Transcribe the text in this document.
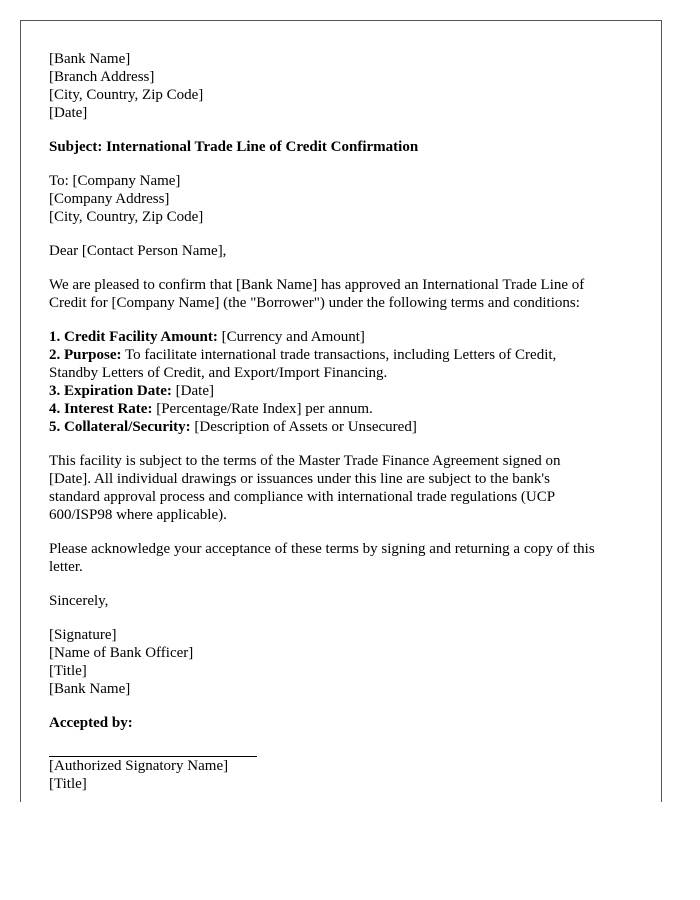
[Bank Name]
[Branch Address]
[City, Country, Zip Code]
[Date]
Subject: International Trade Line of Credit Confirmation
To: [Company Name]
[Company Address]
[City, Country, Zip Code]
Dear [Contact Person Name],
We are pleased to confirm that [Bank Name] has approved an International Trade Line of
Credit for [Company Name] (the "Borrower") under the following terms and conditions:
1. Credit Facility Amount: [Currency and Amount]
2. Purpose: To facilitate international trade transactions, including Letters of Credit,
Standby Letters of Credit, and Export/Import Financing.
3. Expiration Date: [Date]
4. Interest Rate: [Percentage/Rate Index] per annum.
5. Collateral/Security: [Description of Assets or Unsecured]
This facility is subject to the terms of the Master Trade Finance Agreement signed on
[Date]. All individual drawings or issuances under this line are subject to the bank's
standard approval process and compliance with international trade regulations (UCP
600/ISP98 where applicable).
Please acknowledge your acceptance of these terms by signing and returning a copy of this
letter.
Sincerely,
[Signature]
[Name of Bank Officer]
[Title]
[Bank Name]
Accepted by:
[Authorized Signatory Name]
[Title]
